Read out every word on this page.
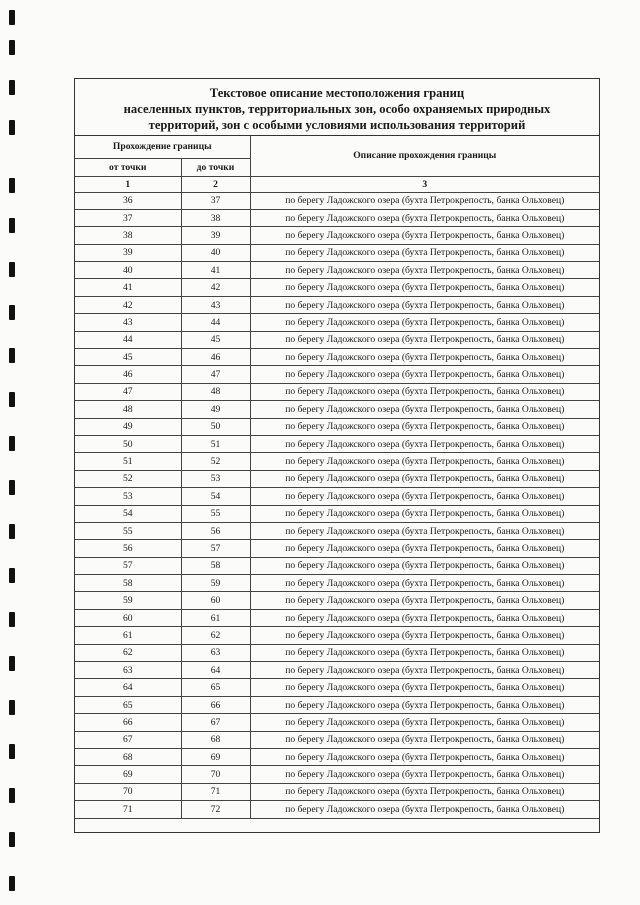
Текстовое описание местоположения границ
населенных пунктов, территориальных зон, особо охраняемых природных
территорий, зон с особыми условиями использования территорий
Прохождение границы		Описание прохождения границы
от точки	до точки	
1	2	3
36	37	по берегу Ладожского озера (бухта Петрокрепость, банка Ольховец)
37	38	по берегу Ладожского озера (бухта Петрокрепость, банка Ольховец)
38	39	по берегу Ладожского озера (бухта Петрокрепость, банка Ольховец)
39	40	по берегу Ладожского озера (бухта Петрокрепость, банка Ольховец)
40	41	по берегу Ладожского озера (бухта Петрокрепость, банка Ольховец)
41	42	по берегу Ладожского озера (бухта Петрокрепость, банка Ольховец)
42	43	по берегу Ладожского озера (бухта Петрокрепость, банка Ольховец)
43	44	по берегу Ладожского озера (бухта Петрокрепость, банка Ольховец)
44	45	по берегу Ладожского озера (бухта Петрокрепость, банка Ольховец)
45	46	по берегу Ладожского озера (бухта Петрокрепость, банка Ольховец)
46	47	по берегу Ладожского озера (бухта Петрокрепость, банка Ольховец)
47	48	по берегу Ладожского озера (бухта Петрокрепость, банка Ольховец)
48	49	по берегу Ладожского озера (бухта Петрокрепость, банка Ольховец)
49	50	по берегу Ладожского озера (бухта Петрокрепость, банка Ольховец)
50	51	по берегу Ладожского озера (бухта Петрокрепость, банка Ольховец)
51	52	по берегу Ладожского озера (бухта Петрокрепость, банка Ольховец)
52	53	по берегу Ладожского озера (бухта Петрокрепость, банка Ольховец)
53	54	по берегу Ладожского озера (бухта Петрокрепость, банка Ольховец)
54	55	по берегу Ладожского озера (бухта Петрокрепость, банка Ольховец)
55	56	по берегу Ладожского озера (бухта Петрокрепость, банка Ольховец)
56	57	по берегу Ладожского озера (бухта Петрокрепость, банка Ольховец)
57	58	по берегу Ладожского озера (бухта Петрокрепость, банка Ольховец)
58	59	по берегу Ладожского озера (бухта Петрокрепость, банка Ольховец)
59	60	по берегу Ладожского озера (бухта Петрокрепость, банка Ольховец)
60	61	по берегу Ладожского озера (бухта Петрокрепость, банка Ольховец)
61	62	по берегу Ладожского озера (бухта Петрокрепость, банка Ольховец)
62	63	по берегу Ладожского озера (бухта Петрокрепость, банка Ольховец)
63	64	по берегу Ладожского озера (бухта Петрокрепость, банка Ольховец)
64	65	по берегу Ладожского озера (бухта Петрокрепость, банка Ольховец)
65	66	по берегу Ладожского озера (бухта Петрокрепость, банка Ольховец)
66	67	по берегу Ладожского озера (бухта Петрокрепость, банка Ольховец)
67	68	по берегу Ладожского озера (бухта Петрокрепость, банка Ольховец)
68	69	по берегу Ладожского озера (бухта Петрокрепость, банка Ольховец)
69	70	по берегу Ладожского озера (бухта Петрокрепость, банка Ольховец)
70	71	по берегу Ладожского озера (бухта Петрокрепость, банка Ольховец)
71	72	по берегу Ладожского озера (бухта Петрокрепость, банка Ольховец)
